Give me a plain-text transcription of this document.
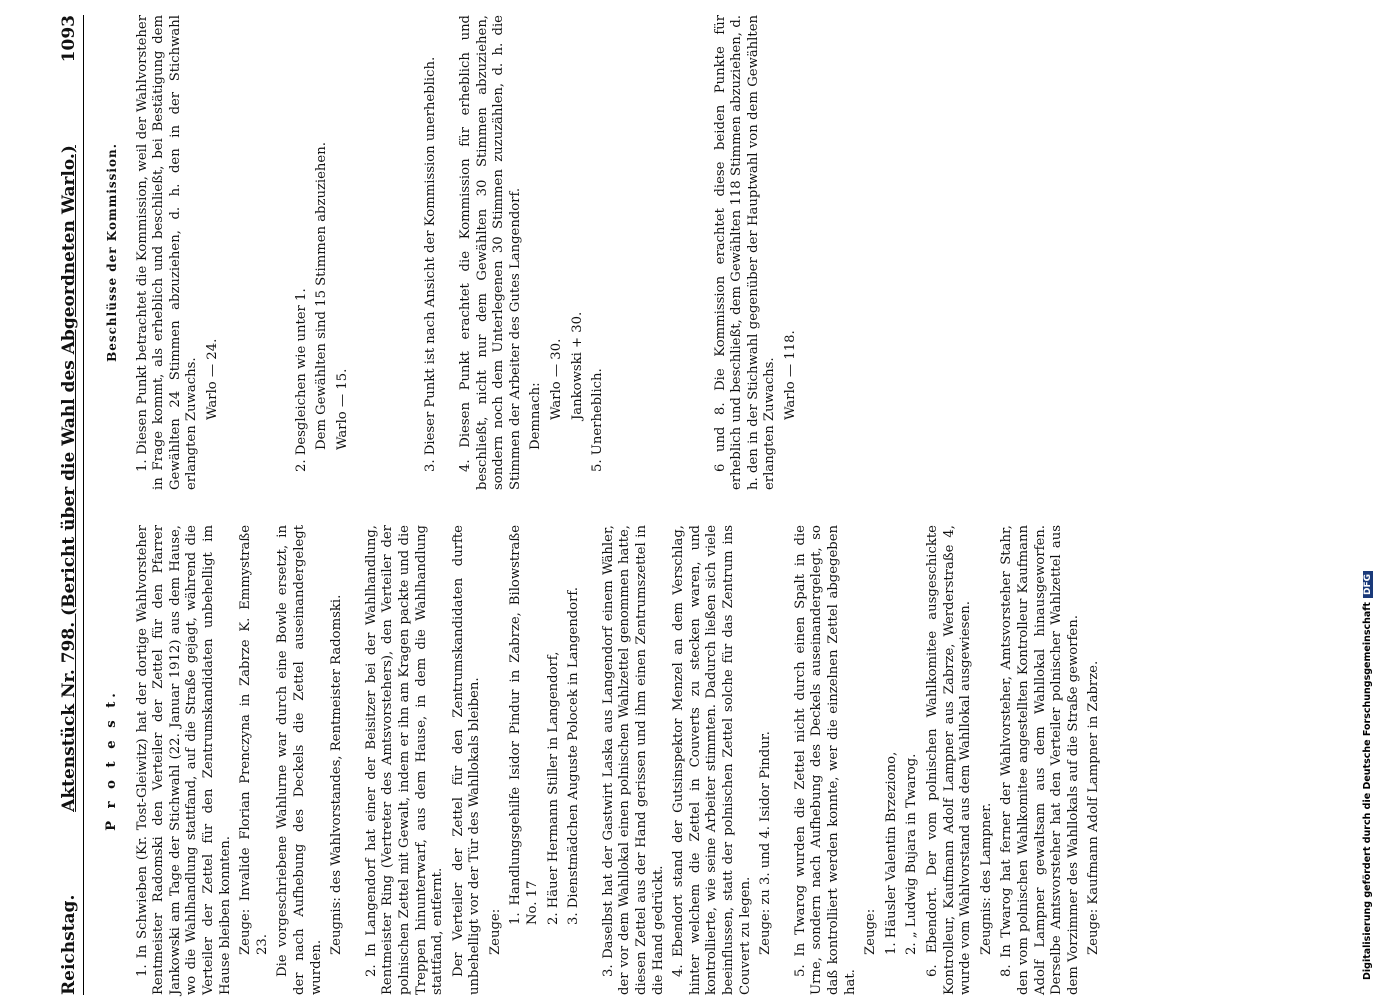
Reichstag.
Aktenstück Nr. 798. (Bericht über die Wahl des Abgeordneten Warlo.)
1093
P r o t e s t. 1. In Schwieben (Kr. Tost-Gleiwitz) hat der dortige Wahlvorsteher Rentmeister Radomski den Verteiler der Zettel für den Pfarrer Jankowski am Tage der Stichwahl (22. Januar 1912) aus dem Hause, wo die Wahlhandlung stattfand, auf die Straße gejagt, während die Verteiler der Zettel für den Zentrumskandidaten unbehelligt im Hause bleiben konnten. Zeuge: Invalide Florian Prenczyna in Zabrze K. Emmystraße 23. Die vorgeschriebene Wahlurne war durch eine Bowle ersetzt, in der nach Aufhebung des Deckels die Zettel auseinandergelegt wurden.

Zeugnis: des Wahlvorstandes, Rentmeister Radomski. 2. In Langendorf hat einer der Beisitzer bei der Wahlhandlung, Rentmeister Ring (Vertreter des Amtsvorstehers), den Verteiler der polnischen Zettel mit Gewalt, indem er ihn am Kragen packte und die Treppen hinunterwarf, aus dem Hause, in dem die Wahlhandlung stattfand, entfernt. Der Verteiler der Zettel für den Zentrumskandidaten durfte unbehelligt vor der Tür des Wahllokals bleiben. Zeuge:

1. Handlungsgehilfe Isidor Pindur in Zabrze, Bilowstraße No. 17 2. Häuer Hermann Stiller in Langendorf, 3. Dienstmädchen Auguste Polocek in Langendorf. 3. Daselbst hat der Gastwirt Laska aus Langendorf einem Wähler, der vor dem Wahllokal einen polnischen Wahlzettel genommen hatte, diesen Zettel aus der Hand gerissen und ihm einen Zentrumszettel in die Hand gedrückt. 4. Ebendort stand der Gutsinspektor Menzel an dem Verschlag, hinter welchem die Zettel in Couverts zu stecken waren, und kontrollierte, wie seine Arbeiter stimmten. Dadurch ließen sich viele beeinflussen, statt der polnischen Zettel solche für das Zentrum ins Couvert zu legen. Zeuge: zu 3. und 4. Isidor Pindur. 5. In Twarog wurden die Zettel nicht durch einen Spalt in die Urne, sondern nach Aufhebung des Deckels auseinandergelegt, so daß kontrolliert werden konnte, wer die einzelnen Zettel abgegeben hat.

Zeuge: 1. Häusler Valentin Brzeziono, 2. „ Ludwig Bujara in Twarog. 6. Ebendort. Der vom polnischen Wahlkomitee ausgeschickte Kontrolleur, Kaufmann Adolf Lampner aus Zabrze, Werderstraße 4, wurde vom Wahlvorstand aus dem Wahllokal ausgewiesen. Zeugnis: des Lampner. 8. In Twarog hat ferner der Wahlvorsteher, Amtsvorsteher Stahr, den vom polnischen Wahlkomitee angestellten Kontrolleur Kaufmann Adolf Lampner gewaltsam aus dem Wahllokal hinausgeworfen. Derselbe Amtsvorsteher hat den Verteiler polnischer Wahlzettel aus dem Vorzimmer des Wahllokals auf die Straße geworfen. Zeuge: Kaufmann Adolf Lampner in Zabrze.

Beschlüsse der Kommission. 1. Diesen Punkt betrachtet die Kommission, weil der Wahlvorsteher in Frage kommt, als erheblich und beschließt, bei Bestätigung dem Gewählten 24 Stimmen abzuziehen, d. h. den in der Stichwahl erlangten Zuwachs. Warlo — 24.	2. Desgleichen wie unter 1. Dem Gewählten sind 15 Stimmen abzuziehen. Warlo — 15.	3. Dieser Punkt ist nach Ansicht der Kommission unerheblich. 4. Diesen Punkt erachtet die Kommission für erheblich und beschließt, nicht nur dem Gewählten 30 Stimmen abzuziehen, sondern noch dem Unterlegenen 30 Stimmen zuzuzählen, d. h. die Stimmen der Arbeiter des Gutes Langendorf. Demnach: Warlo — 30. Jankowski + 30.

5. Unerheblich.	6 und 8. Die Kommission erachtet diese beiden Punkte für erheblich und beschließt, dem Gewählten 118 Stimmen abzuziehen, d. h. den in der Stichwahl gegenüber der Hauptwahl von dem Gewählten erlangten Zuwachs. Warlo — 118.

Digitalisierung gefördert durch die Deutsche ForschungsgemeinschaftDFG
